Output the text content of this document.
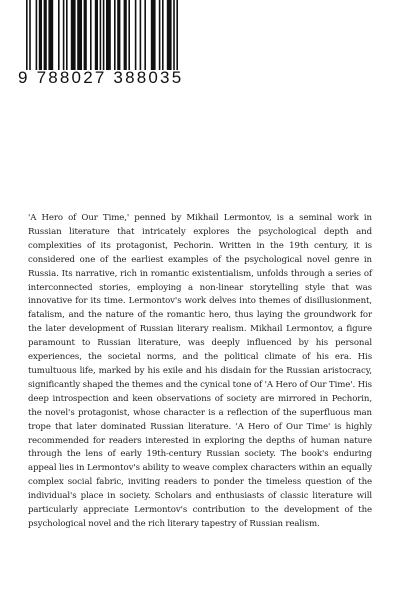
9 788027 388035

'A Hero of Our Time,' penned by Mikhail Lermontov, is a seminal work in Russian literature that intricately explores the psychological depth and complexities of its protagonist, Pechorin. Written in the 19th century, it is considered one of the earliest examples of the psychological novel genre in Russia. Its narrative, rich in romantic existentialism, unfolds through a series of interconnected stories, employing a non-linear storytelling style that was innovative for its time. Lermontov's work delves into themes of disillusionment, fatalism, and the nature of the romantic hero, thus laying the groundwork for the later development of Russian literary realism. Mikhail Lermontov, a figure paramount to Russian literature, was deeply influenced by his personal experiences, the societal norms, and the political climate of his era. His tumultuous life, marked by his exile and his disdain for the Russian aristocracy, significantly shaped the themes and the cynical tone of 'A Hero of Our Time'. His deep introspection and keen observations of society are mirrored in Pechorin, the novel's protagonist, whose character is a reflection of the superfluous man trope that later dominated Russian literature. 'A Hero of Our Time' is highly recommended for readers interested in exploring the depths of human nature through the lens of early 19th-century Russian society. The book's enduring appeal lies in Lermontov's ability to weave complex characters within an equally complex social fabric, inviting readers to ponder the timeless question of the individual's place in society. Scholars and enthusiasts of classic literature will particularly appreciate Lermontov's contribution to the development of the psychological novel and the rich literary tapestry of Russian realism.
